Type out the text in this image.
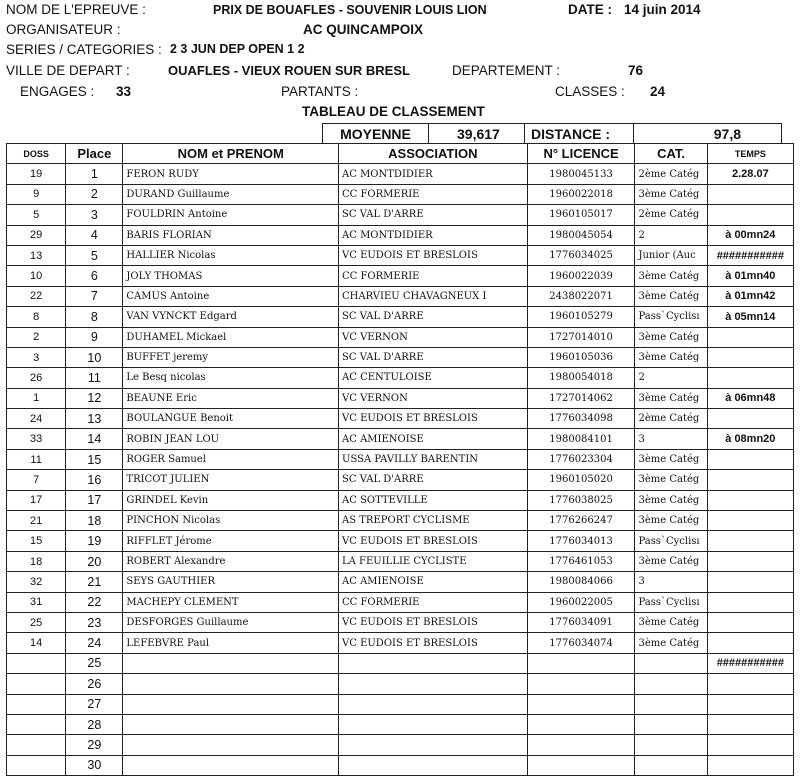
NOM DE L'EPREUVE :	PRIX DE BOUAFLES - SOUVENIR LOUIS LION	DATE : 14 juin 2014
ORGANISATEUR :	AC QUINCAMPOIX
SERIES / CATEGORIES : 2 3 JUN DEP OPEN 1 2
VILLE DE DEPART :	OUAFLES - VIEUX ROUEN SUR BRESL	DEPARTEMENT :	76
ENGAGES : 33	PARTANTS :	CLASSES : 24
TABLEAU DE CLASSEMENT
MOYENNE	39,617	DISTANCE :	97,8
DOSS	Place	NOM et PRENOM	ASSOCIATION	N° LICENCE	CAT.	TEMPS
19	1	FERON RUDY	AC MONTDIDIER	1980045133	2ème Catég	2.28.07
9	2	DURAND Guillaume	CC FORMERIE	1960022018	3ème Catég	
5	3	FOULDRIN Antoine	SC VAL D'ARRE	1960105017	2ème Catég	
29	4	BARIS FLORIAN	AC MONTDIDIER	1980045054	2	à 00mn24
13	5	HALLIER Nicolas	VC EUDOIS ET BRESLOIS	1776034025	Junior (Auc	###########
10	6	JOLY THOMAS	CC FORMERIE	1960022039	3ème Catég	à 01mn40
22	7	CAMUS Antoine	CHARVIEU CHAVAGNEUX I	2438022071	3ème Catég	à 01mn42
8	8	VAN VYNCKT Edgard	SC VAL D'ARRE	1960105279	Pass`Cyclisı	à 05mn14
2	9	DUHAMEL Mickael	VC VERNON	1727014010	3ème Catég	
3	10	BUFFET jeremy	SC VAL D'ARRE	1960105036	3ème Catég	
26	11	Le Besq nicolas	AC CENTULOISE	1980054018	2	
1	12	BEAUNE Eric	VC VERNON	1727014062	3ème Catég	à 06mn48
24	13	BOULANGUE Benoit	VC EUDOIS ET BRESLOIS	1776034098	2ème Catég	
33	14	ROBIN JEAN LOU	AC AMIENOISE	1980084101	3	à 08mn20
11	15	ROGER Samuel	USSA PAVILLY BARENTIN	1776023304	3ème Catég	
7	16	TRICOT JULIEN	SC VAL D'ARRE	1960105020	3ème Catég	
17	17	GRINDEL Kevin	AC SOTTEVILLE	1776038025	3ème Catég	
21	18	PINCHON Nicolas	AS TREPORT CYCLISME	1776266247	3ème Catég	
15	19	RIFFLET Jérome	VC EUDOIS ET BRESLOIS	1776034013	Pass`Cyclisı	
18	20	ROBERT Alexandre	LA FEUILLIE CYCLISTE	1776461053	3ème Catég	
32	21	SEYS GAUTHIER	AC AMIENOISE	1980084066	3	
31	22	MACHEPY CLEMENT	CC FORMERIE	1960022005	Pass`Cyclisı	
25	23	DESFORGES Guillaume	VC EUDOIS ET BRESLOIS	1776034091	3ème Catég	
14	24	LEFEBVRE Paul	VC EUDOIS ET BRESLOIS	1776034074	3ème Catég	
	25					###########
	26					
	27					
	28					
	29					
	30					
